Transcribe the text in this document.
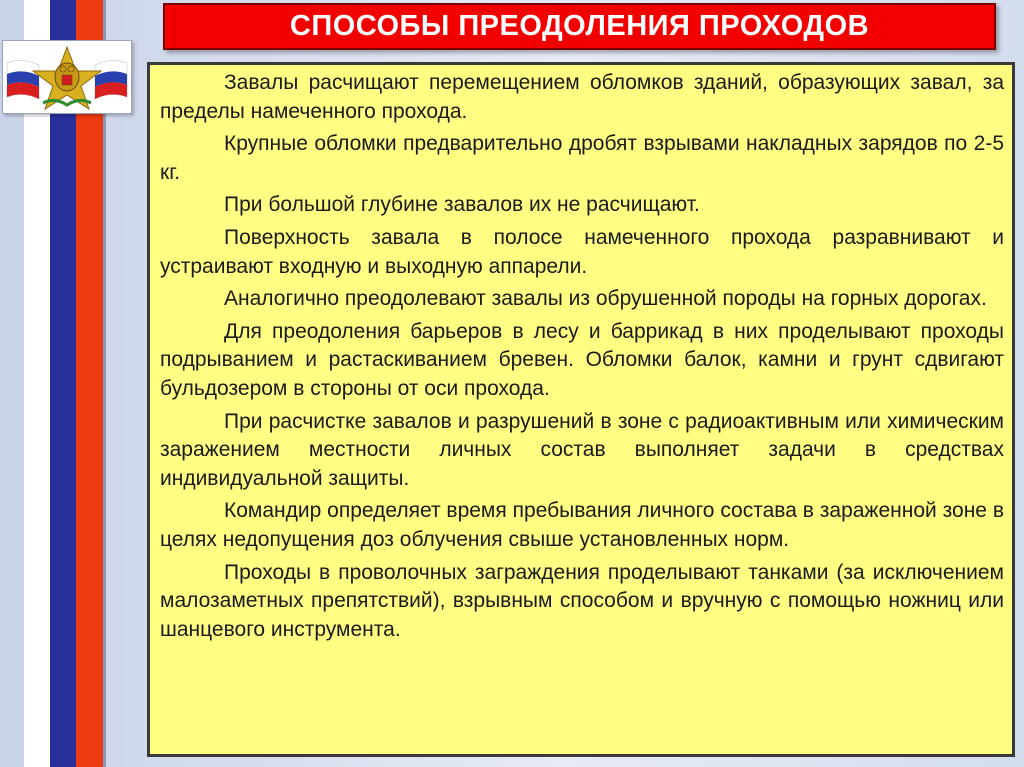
СПОСОБЫ ПРЕОДОЛЕНИЯ ПРОХОДОВ

Завалы расчищают перемещением обломков зданий, образующих завал, за пределы намеченного прохода.

Крупные обломки предварительно дробят взрывами накладных зарядов по 2-5 кг.

При большой глубине завалов их не расчищают.

Поверхность завала в полосе намеченного прохода разравнивают и устраивают входную и выходную аппарели.

Аналогично преодолевают завалы из обрушенной породы на горных дорогах.

Для преодоления барьеров в лесу и баррикад в них проделывают проходы подрыванием и растаскиванием бревен. Обломки балок, камни и грунт сдвигают бульдозером в стороны от оси прохода.

При расчистке завалов и разрушений в зоне с радиоактивным или химическим заражением местности личных состав выполняет задачи в средствах индивидуальной защиты.

Командир определяет время пребывания личного состава в зараженной зоне в целях недопущения доз облучения свыше установленных норм.

Проходы в проволочных заграждения проделывают танками (за исключением малозаметных препятствий), взрывным способом и вручную с помощью ножниц или шанцевого инструмента.
